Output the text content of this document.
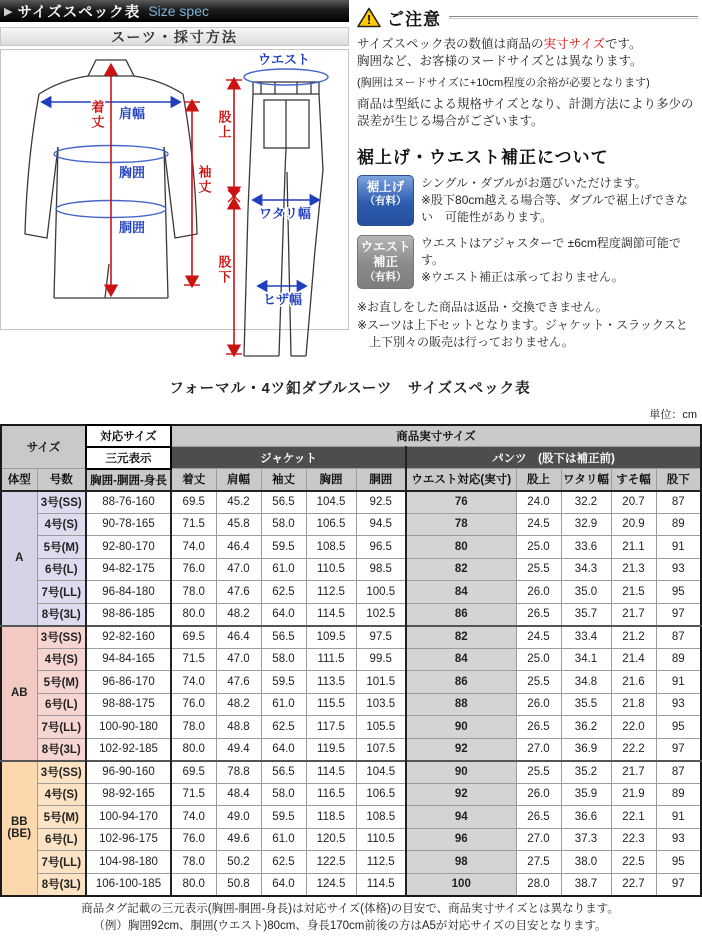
▶ サイズスペック表 Size spec
スーツ・採寸方法
肩幅
着丈
胸囲
胴囲
袖丈
ウエスト
股上
ワタリ幅
股下
ヒザ幅
! ご注意
サイズスペック表の数値は商品の実寸サイズです。
胸囲など、お客様のヌードサイズとは異なります。
(胸囲はヌードサイズに+10cm程度の余裕が必要となります)
商品は型紙による規格サイズとなり、計測方法により多少の誤差が生じる場合がございます。
裾上げ・ウエスト補正について
裾上げ
（有料）
シングル・ダブルがお選びいただけます。
※股下80cm越える場合等、ダブルで裾上げできない　可能性があります。
ウエスト
補正
（有料）
ウエストはアジャスターで ±6cm程度調節可能です。
※ウエスト補正は承っておりません。
※お直しをした商品は返品・交換できません。
※スーツは上下セットとなります。ジャケット・スラックスと上下別々の販売は行っておりません。
フォーマル・4ツ釦ダブルスーツ　サイズスペック表
単位：cm
サイズ		対応サイズ	商品実寸サイズ									
		三元表示	ジャケット					パンツ　(股下は補正前)				
体型	号数	胸囲-胴囲-身長	着丈	肩幅	袖丈	胸囲	胴囲	ウエスト対応(実寸)	股上	ワタリ幅	すそ幅	股下
A	3号(SS)	88-76-160	69.5	45.2	56.5	104.5	92.5	76	24.0	32.2	20.7	87
	4号(S)	90-78-165	71.5	45.8	58.0	106.5	94.5	78	24.5	32.9	20.9	89
	5号(M)	92-80-170	74.0	46.4	59.5	108.5	96.5	80	25.0	33.6	21.1	91
	6号(L)	94-82-175	76.0	47.0	61.0	110.5	98.5	82	25.5	34.3	21.3	93
	7号(LL)	96-84-180	78.0	47.6	62.5	112.5	100.5	84	26.0	35.0	21.5	95
	8号(3L)	98-86-185	80.0	48.2	64.0	114.5	102.5	86	26.5	35.7	21.7	97
AB	3号(SS)	92-82-160	69.5	46.4	56.5	109.5	97.5	82	24.5	33.4	21.2	87
	4号(S)	94-84-165	71.5	47.0	58.0	111.5	99.5	84	25.0	34.1	21.4	89
	5号(M)	96-86-170	74.0	47.6	59.5	113.5	101.5	86	25.5	34.8	21.6	91
	6号(L)	98-88-175	76.0	48.2	61.0	115.5	103.5	88	26.0	35.5	21.8	93
	7号(LL)	100-90-180	78.0	48.8	62.5	117.5	105.5	90	26.5	36.2	22.0	95
	8号(3L)	102-92-185	80.0	49.4	64.0	119.5	107.5	92	27.0	36.9	22.2	97
BB
(BE)	3号(SS)	96-90-160	69.5	78.8	56.5	114.5	104.5	90	25.5	35.2	21.7	87
	4号(S)	98-92-165	71.5	48.4	58.0	116.5	106.5	92	26.0	35.9	21.9	89
	5号(M)	100-94-170	74.0	49.0	59.5	118.5	108.5	94	26.5	36.6	22.1	91
	6号(L)	102-96-175	76.0	49.6	61.0	120.5	110.5	96	27.0	37.3	22.3	93
	7号(LL)	104-98-180	78.0	50.2	62.5	122.5	112.5	98	27.5	38.0	22.5	95
	8号(3L)	106-100-185	80.0	50.8	64.0	124.5	114.5	100	28.0	38.7	22.7	97
商品タグ記載の三元表示(胸囲-胴囲-身長)は対応サイズ(体格)の目安で、商品実寸サイズとは異なります。
（例）胸囲92cm、胴囲(ウエスト)80cm、身長170cm前後の方はA5が対応サイズの目安となります。
